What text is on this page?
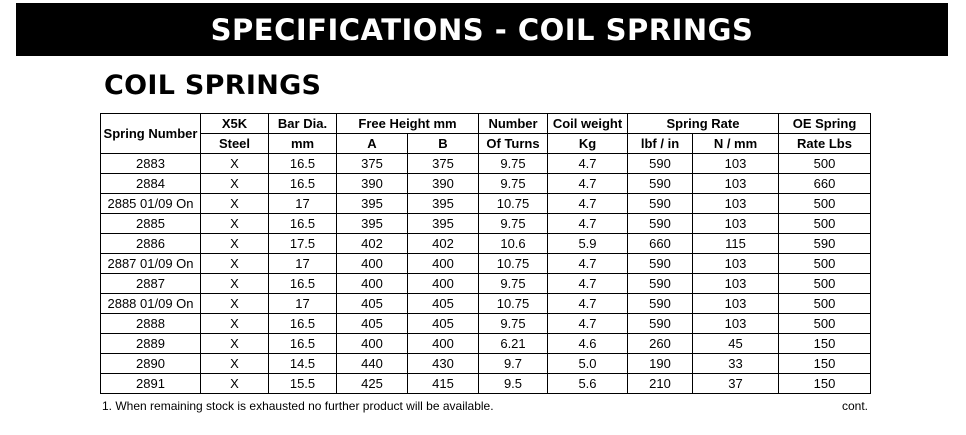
SPECIFICATIONS - COIL SPRINGS
COIL SPRINGS
Spring Number	X5K	Bar Dia.	Free Height mm		Number	Coil weight	Spring Rate		OE Spring
	Steel	mm	A	B	Of Turns	Kg	lbf / in	N / mm	Rate Lbs
2883	X	16.5	375	375	9.75	4.7	590	103	500
2884	X	16.5	390	390	9.75	4.7	590	103	660
2885 01/09 On	X	17	395	395	10.75	4.7	590	103	500
2885	X	16.5	395	395	9.75	4.7	590	103	500
2886	X	17.5	402	402	10.6	5.9	660	115	590
2887 01/09 On	X	17	400	400	10.75	4.7	590	103	500
2887	X	16.5	400	400	9.75	4.7	590	103	500
2888 01/09 On	X	17	405	405	10.75	4.7	590	103	500
2888	X	16.5	405	405	9.75	4.7	590	103	500
2889	X	16.5	400	400	6.21	4.6	260	45	150
2890	X	14.5	440	430	9.7	5.0	190	33	150
2891	X	15.5	425	415	9.5	5.6	210	37	150
1. When remaining stock is exhausted no further product will be available.	cont.
